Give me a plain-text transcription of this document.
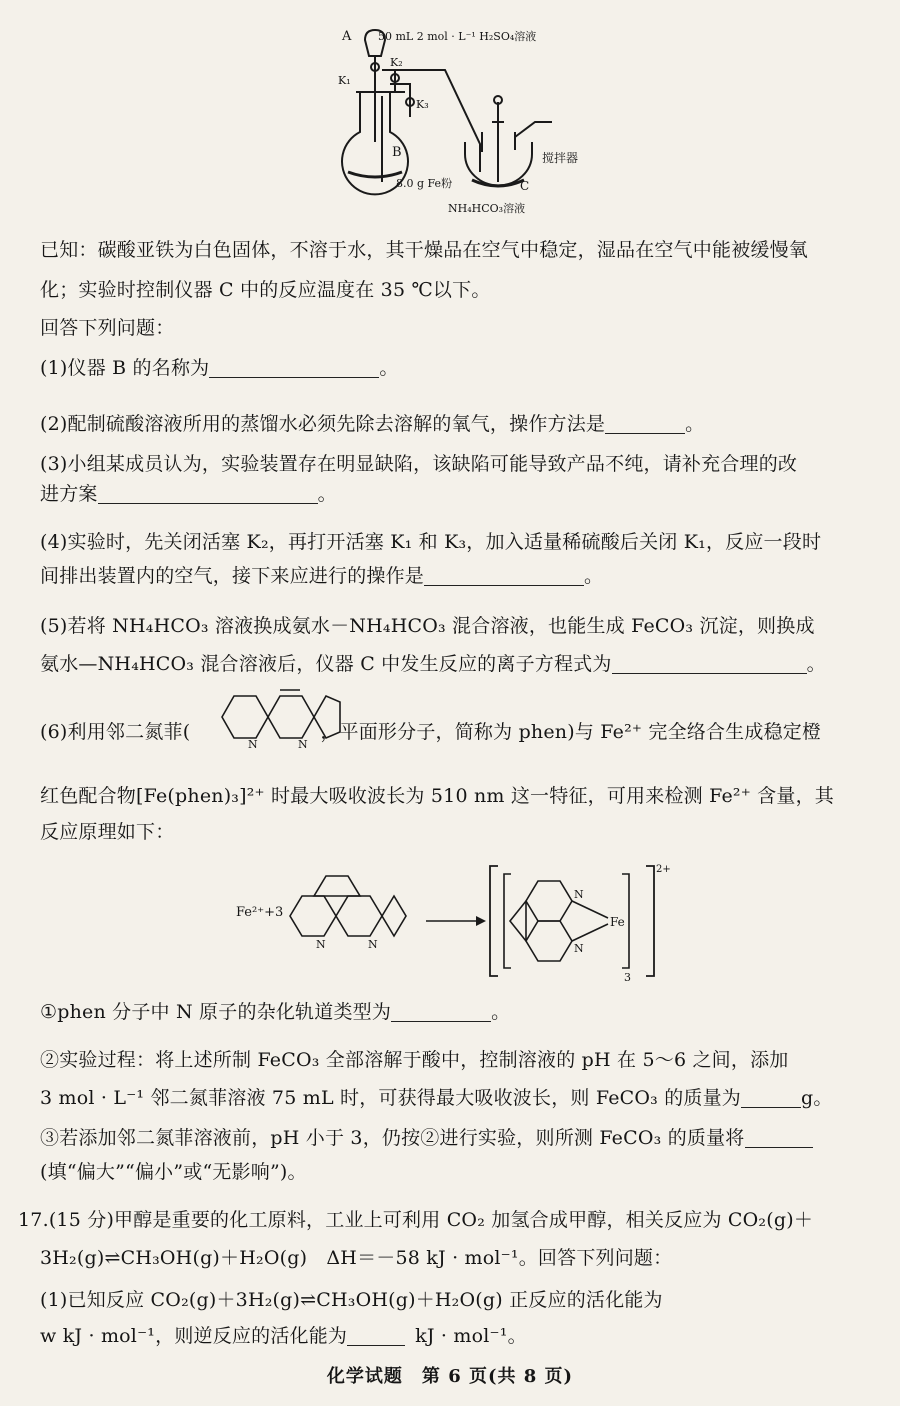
A 50 mL 2 mol · L⁻¹ H₂SO₄溶液
K₁
K₂
K₃
B
8.0 g Fe粉
搅拌器
C
NH₄HCO₃溶液
已知：碳酸亚铁为白色固体，不溶于水，其干燥品在空气中稳定，湿品在空气中能被缓慢氧
化；实验时控制仪器 C 中的反应温度在 35 ℃以下。
回答下列问题：
(1)仪器 B 的名称为	。
(2)配制硫酸溶液所用的蒸馏水必须先除去溶解的氧气，操作方法是	。
(3)小组某成员认为，实验装置存在明显缺陷，该缺陷可能导致产品不纯，请补充合理的改
进方案	。
(4)实验时，先关闭活塞 K₂，再打开活塞 K₁ 和 K₃，加入适量稀硫酸后关闭 K₁，反应一段时
间排出装置内的空气，接下来应进行的操作是	。
(5)若将 NH₄HCO₃ 溶液换成氨水－NH₄HCO₃ 混合溶液，也能生成 FeCO₃ 沉淀，则换成
氨水—NH₄HCO₃ 混合溶液后，仪器 C 中发生反应的离子方程式为	。
(6)利用邻二氮菲(	，平面形分子，简称为 phen)与 Fe²⁺ 完全络合生成稳定橙
N	N
红色配合物[Fe(phen)₃]²⁺ 时最大吸收波长为 510 nm 这一特征，可用来检测 Fe²⁺ 含量，其
反应原理如下：
Fe²⁺+3
N	N
N
N
Fe
3
2+
①phen 分子中 N 原子的杂化轨道类型为	。
②实验过程：将上述所制 FeCO₃ 全部溶解于酸中，控制溶液的 pH 在 5～6 之间，添加
3 mol · L⁻¹ 邻二氮菲溶液 75 mL 时，可获得最大吸收波长，则 FeCO₃ 的质量为	g。
③若添加邻二氮菲溶液前，pH 小于 3，仍按②进行实验，则所测 FeCO₃ 的质量将
(填“偏大”“偏小”或“无影响”)。
17.(15 分)甲醇是重要的化工原料，工业上可利用 CO₂ 加氢合成甲醇，相关反应为 CO₂(g)＋
3H₂(g)⇌CH₃OH(g)＋H₂O(g)　ΔH＝－58 kJ · mol⁻¹。回答下列问题：
(1)已知反应 CO₂(g)＋3H₂(g)⇌CH₃OH(g)＋H₂O(g) 正反应的活化能为
w kJ · mol⁻¹，则逆反应的活化能为	kJ · mol⁻¹。
化学试题　第 6 页(共 8 页)
